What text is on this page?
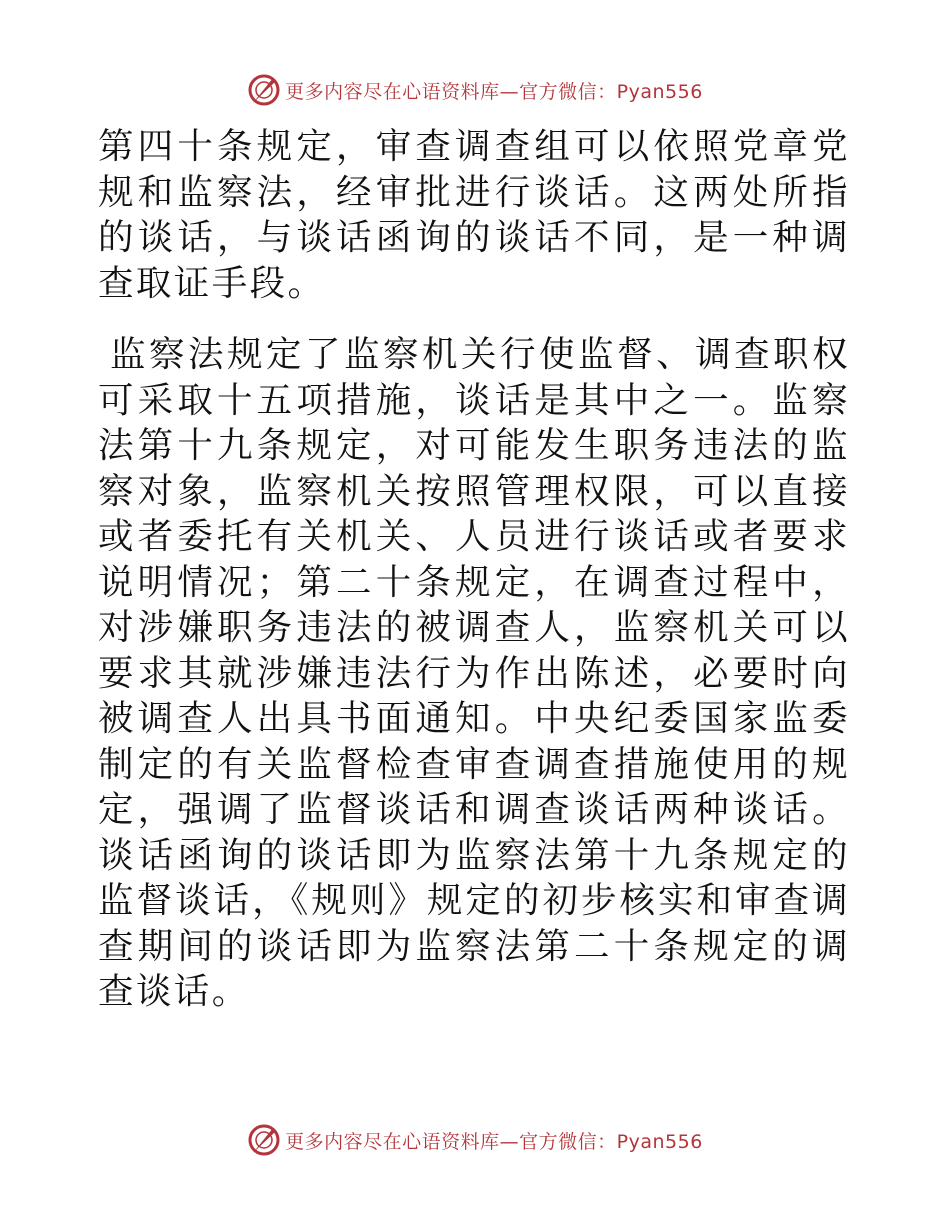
更多内容尽在心语资料库—官方微信：Pyan556

第四十条规定，审查调查组可以依照党章党规和监察法，经审批进行谈话。这两处所指的谈话，与谈话函询的谈话不同，是一种调查取证手段。

监察法规定了监察机关行使监督、调查职权可采取十五项措施，谈话是其中之一。监察法第十九条规定，对可能发生职务违法的监察对象，监察机关按照管理权限，可以直接或者委托有关机关、人员进行谈话或者要求说明情况；第二十条规定，在调查过程中，对涉嫌职务违法的被调查人，监察机关可以要求其就涉嫌违法行为作出陈述，必要时向被调查人出具书面通知。中央纪委国家监委制定的有关监督检查审查调查措施使用的规定，强调了监督谈话和调查谈话两种谈话。谈话函询的谈话即为监察法第十九条规定的监督谈话，《规则》规定的初步核实和审查调查期间的谈话即为监察法第二十条规定的调查谈话。

更多内容尽在心语资料库—官方微信：Pyan556
